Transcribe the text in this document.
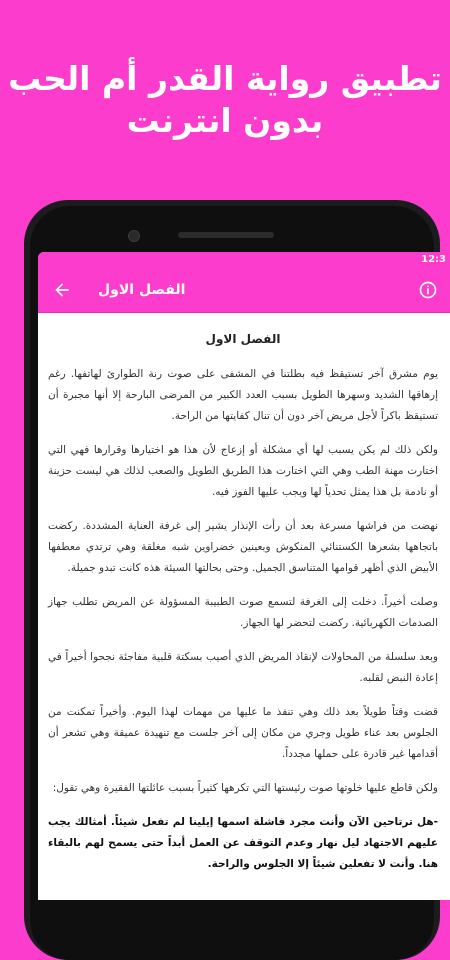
تطبيق رواية القدر أم الحب
بدون انترنت
12:3
الفصل الاول
الفصل الاول

يوم مشرق آخر تستيقظ فيه بطلتنا في المشفى على صوت رنة الطوارئ لهاتفها. رغم إرهاقها الشديد وسهرها الطويل بسبب العدد الكبير من المرضى البارحة إلا أنها مجبرة أن تستيقظ باكراً لأجل مريض آخر دون أن تنال كفايتها من الراحة.

ولكن ذلك لم يكن يسبب لها أي مشكلة أو إزعاج لأن هذا هو اختيارها وقرارها فهي التي اختارت مهنة الطب وهي التي اختارت هذا الطريق الطويل والصعب لذلك هي ليست حزينة أو نادمة بل هذا يمثل تحدياً لها ويجب عليها الفوز فيه.

نهضت من فراشها مسرعة بعد أن رأت الإنذار يشير إلى غرفة العناية المشددة. ركضت باتجاهها بشعرها الكستنائي المنكوش وبعينين خضراوين شبه مغلقة وهي ترتدي معطفها الأبيض الذي أظهر قوامها المتناسق الجميل. وحتى بحالتها السيئة هذه كانت تبدو جميلة.

وصلت أخيراً. دخلت إلى الغرفة لتسمع صوت الطبيبة المسؤولة عن المريض تطلب جهاز الصدمات الكهربائية. ركضت لتحضر لها الجهاز.

وبعد سلسلة من المحاولات لإنقاذ المريض الذي أصيب بسكتة قلبية مفاجئة نجحوا أخيراً في إعادة النبض لقلبه.

قضت وقتاً طويلاً بعد ذلك وهي تنفذ ما عليها من مهمات لهذا اليوم. وأخيراً تمكنت من الجلوس بعد عناء طويل وجري من مكان إلى آخر جلست مع تنهيدة عميقة وهي تشعر أن أقدامها غير قادرة على حملها مجدداً.

ولكن قاطع عليها خلوتها صوت رئيستها التي تكرهها كثيراً بسبب عائلتها الفقيرة وهي تقول:

-هل ترتاحين الآن وأنت مجرد فاشلة اسمها إيلينا لم تفعل شيئاً. أمثالك يجب عليهم الاجتهاد ليل نهار وعدم التوقف عن العمل أبداً حتى يسمح لهم بالبقاء هنا. وأنت لا تفعلين شيئاً إلا الجلوس والراحة.
